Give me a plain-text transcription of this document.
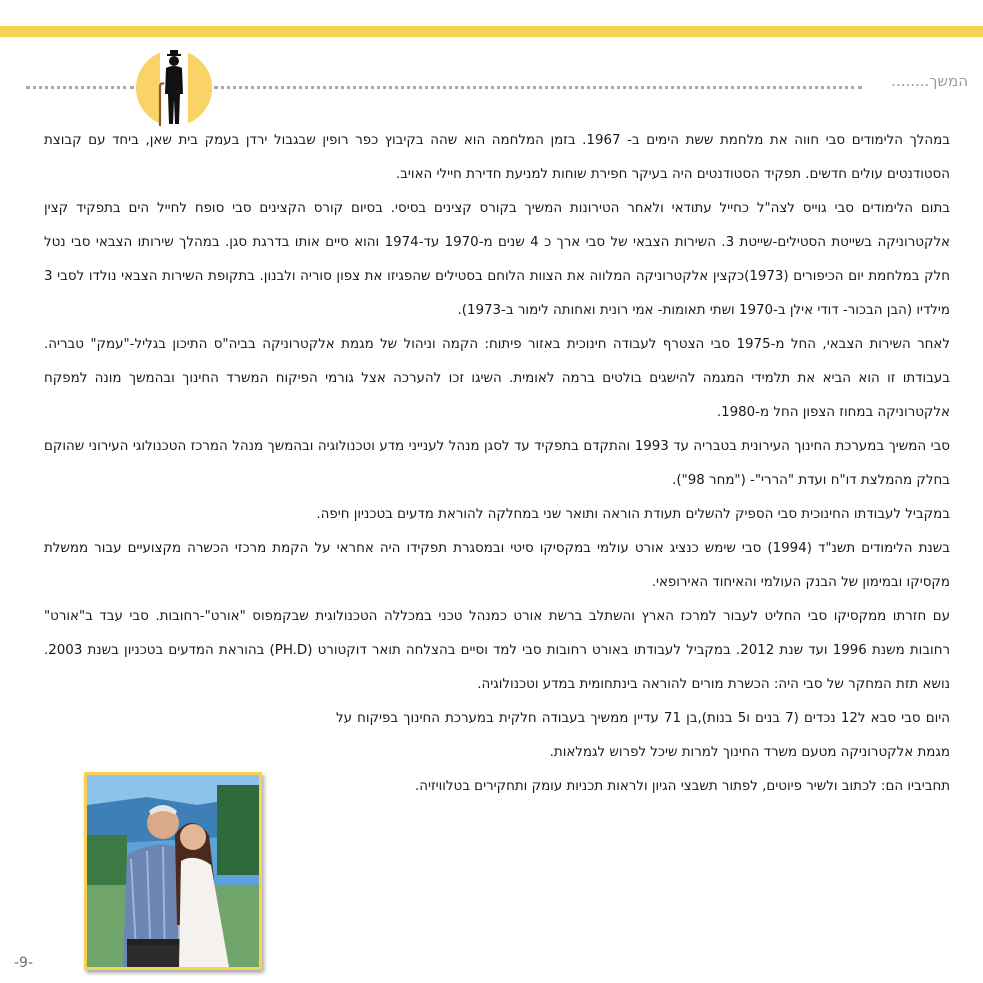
המשך........

במהלך הלימודים סבי חווה את מלחמת ששת הימים ב- 1967. בזמן המלחמה הוא שהה בקיבוץ כפר רופין שבגבול ירדן בעמק בית שאן, ביחד עם קבוצת הסטודנטים עולים חדשים. תפקיד הסטודנטים היה בעיקר חפירת שוחות למניעת חדירת חיילי האויב.

בתום הלימודים סבי גוייס לצה"ל כחייל עתודאי ולאחר הטירונות המשיך בקורס קצינים בסיסי. בסיום קורס הקצינים סבי סופח לחייל הים בתפקיד קצין אלקטרוניקה בשייטת הסטילים-שייטת 3. השירות הצבאי של סבי ארך כ 4 שנים מ-1970 עד-1974 והוא סיים אותו בדרגת סגן. במהלך שירותו הצבאי סבי נטל חלק במלחמת יום הכיפורים (1973)כקצין אלקטרוניקה המלווה את הצוות הלוחם בסטילים שהפגיזו את צפון סוריה ולבנון. בתקופת השירות הצבאי נולדו לסבי 3 מילדיו (הבן הבכור- דודי אילן ב-1970 ושתי תאומות- אמי רונית ואחותה לימור ב-1973).

לאחר השירות הצבאי, החל מ-1975 סבי הצטרף לעבודה חינוכית באזור פיתוח: הקמה וניהול של מגמת אלקטרוניקה בביה"ס התיכון בגליל-"עמק" טבריה. בעבודתו זו הוא הביא את תלמידי המגמה להישגים בולטים ברמה לאומית. השיגו זכו להערכה אצל גורמי הפיקוח המשרד החינוך ובהמשך מונה למפקח אלקטרוניקה במחוז הצפון החל מ-1980.

סבי המשיך במערכת החינוך העירונית בטבריה עד 1993 והתקדם בתפקיד עד לסגן מנהל לענייני מדע וטכנולוגיה ובהמשך מנהל המרכז הטכנולוגי העירוני שהוקם בחלק מהמלצת דו"ח ועדת "הררי"- ("מחר 98").

במקביל לעבודתו החינוכית סבי הספיק להשלים תעודת הוראה ותואר שני במחלקה להוראת מדעים בטכניון חיפה.

בשנת הלימודים תשנ"ד (1994) סבי שימש כנציג אורט עולמי במקסיקו סיטי ובמסגרת תפקידו היה אחראי על הקמת מרכזי הכשרה מקצועיים עבור ממשלת מקסיקו ובמימון של הבנק העולמי והאיחוד האירופאי.

עם חזרתו ממקסיקו סבי החליט לעבור למרכז הארץ והשתלב ברשת אורט כמנהל טכני במכללה הטכנולוגית שבקמפוס "אורט"-רחובות. סבי עבד ב"אורט" רחובות משנת 1996 ועד שנת 2012. במקביל לעבודתו באורט רחובות סבי למד וסיים בהצלחה תואר דוקטורט (PH.D) בהוראת המדעים בטכניון בשנת 2003. נושא תזת המחקר של סבי היה: הכשרת מורים להוראה בינתחומית במדע וטכנולוגיה.

היום סבי סבא ל12 נכדים (7 בנים ו5 בנות),בן 71 עדיין ממשיך בעבודה חלקית במערכת החינוך בפיקוח על מגמת אלקטרוניקה מטעם משרד החינוך למרות שיכל לפרוש לגמלאות.

תחביביו הם: לכתוב ולשיר פיוטים, לפתור תשבצי הגיון ולראות תכניות עומק ותחקירים בטלוויזיה.

-9-
